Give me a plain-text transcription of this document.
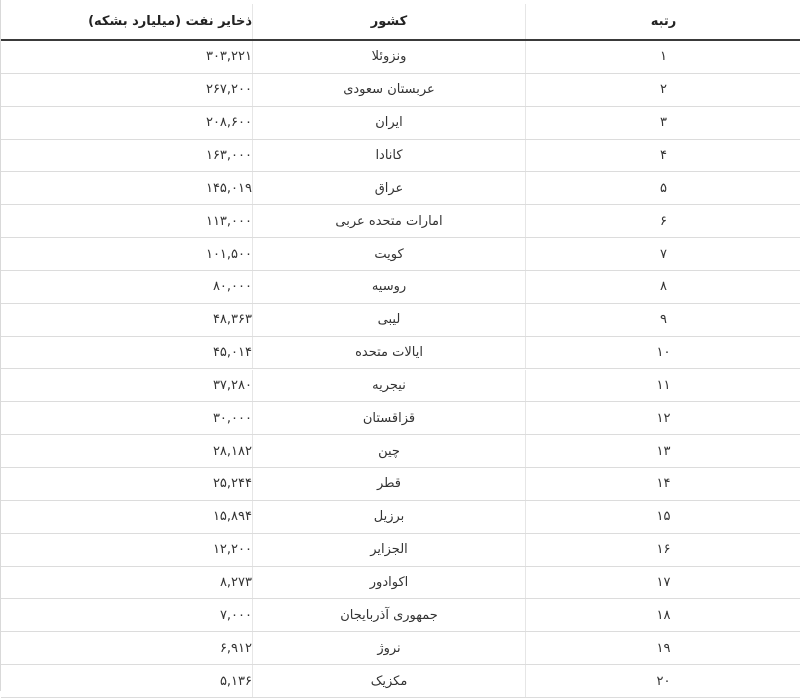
ذخایر نفت (میلیارد بشکه)	کشور	رتبه
۳۰۳,۲۲۱	ونزوئلا	۱
۲۶۷,۲۰۰	عربستان سعودی	۲
۲۰۸,۶۰۰	ایران	۳
۱۶۳,۰۰۰	کانادا	۴
۱۴۵,۰۱۹	عراق	۵
۱۱۳,۰۰۰	امارات متحده عربی	۶
۱۰۱,۵۰۰	کویت	۷
۸۰,۰۰۰	روسیه	۸
۴۸,۳۶۳	لیبی	۹
۴۵,۰۱۴	ایالات متحده	۱۰
۳۷,۲۸۰	نیجریه	۱۱
۳۰,۰۰۰	قزاقستان	۱۲
۲۸,۱۸۲	چین	۱۳
۲۵,۲۴۴	قطر	۱۴
۱۵,۸۹۴	برزیل	۱۵
۱۲,۲۰۰	الجزایر	۱۶
۸,۲۷۳	اکوادور	۱۷
۷,۰۰۰	جمهوری آذربایجان	۱۸
۶,۹۱۲	نروژ	۱۹
۵,۱۳۶	مکزیک	۲۰
